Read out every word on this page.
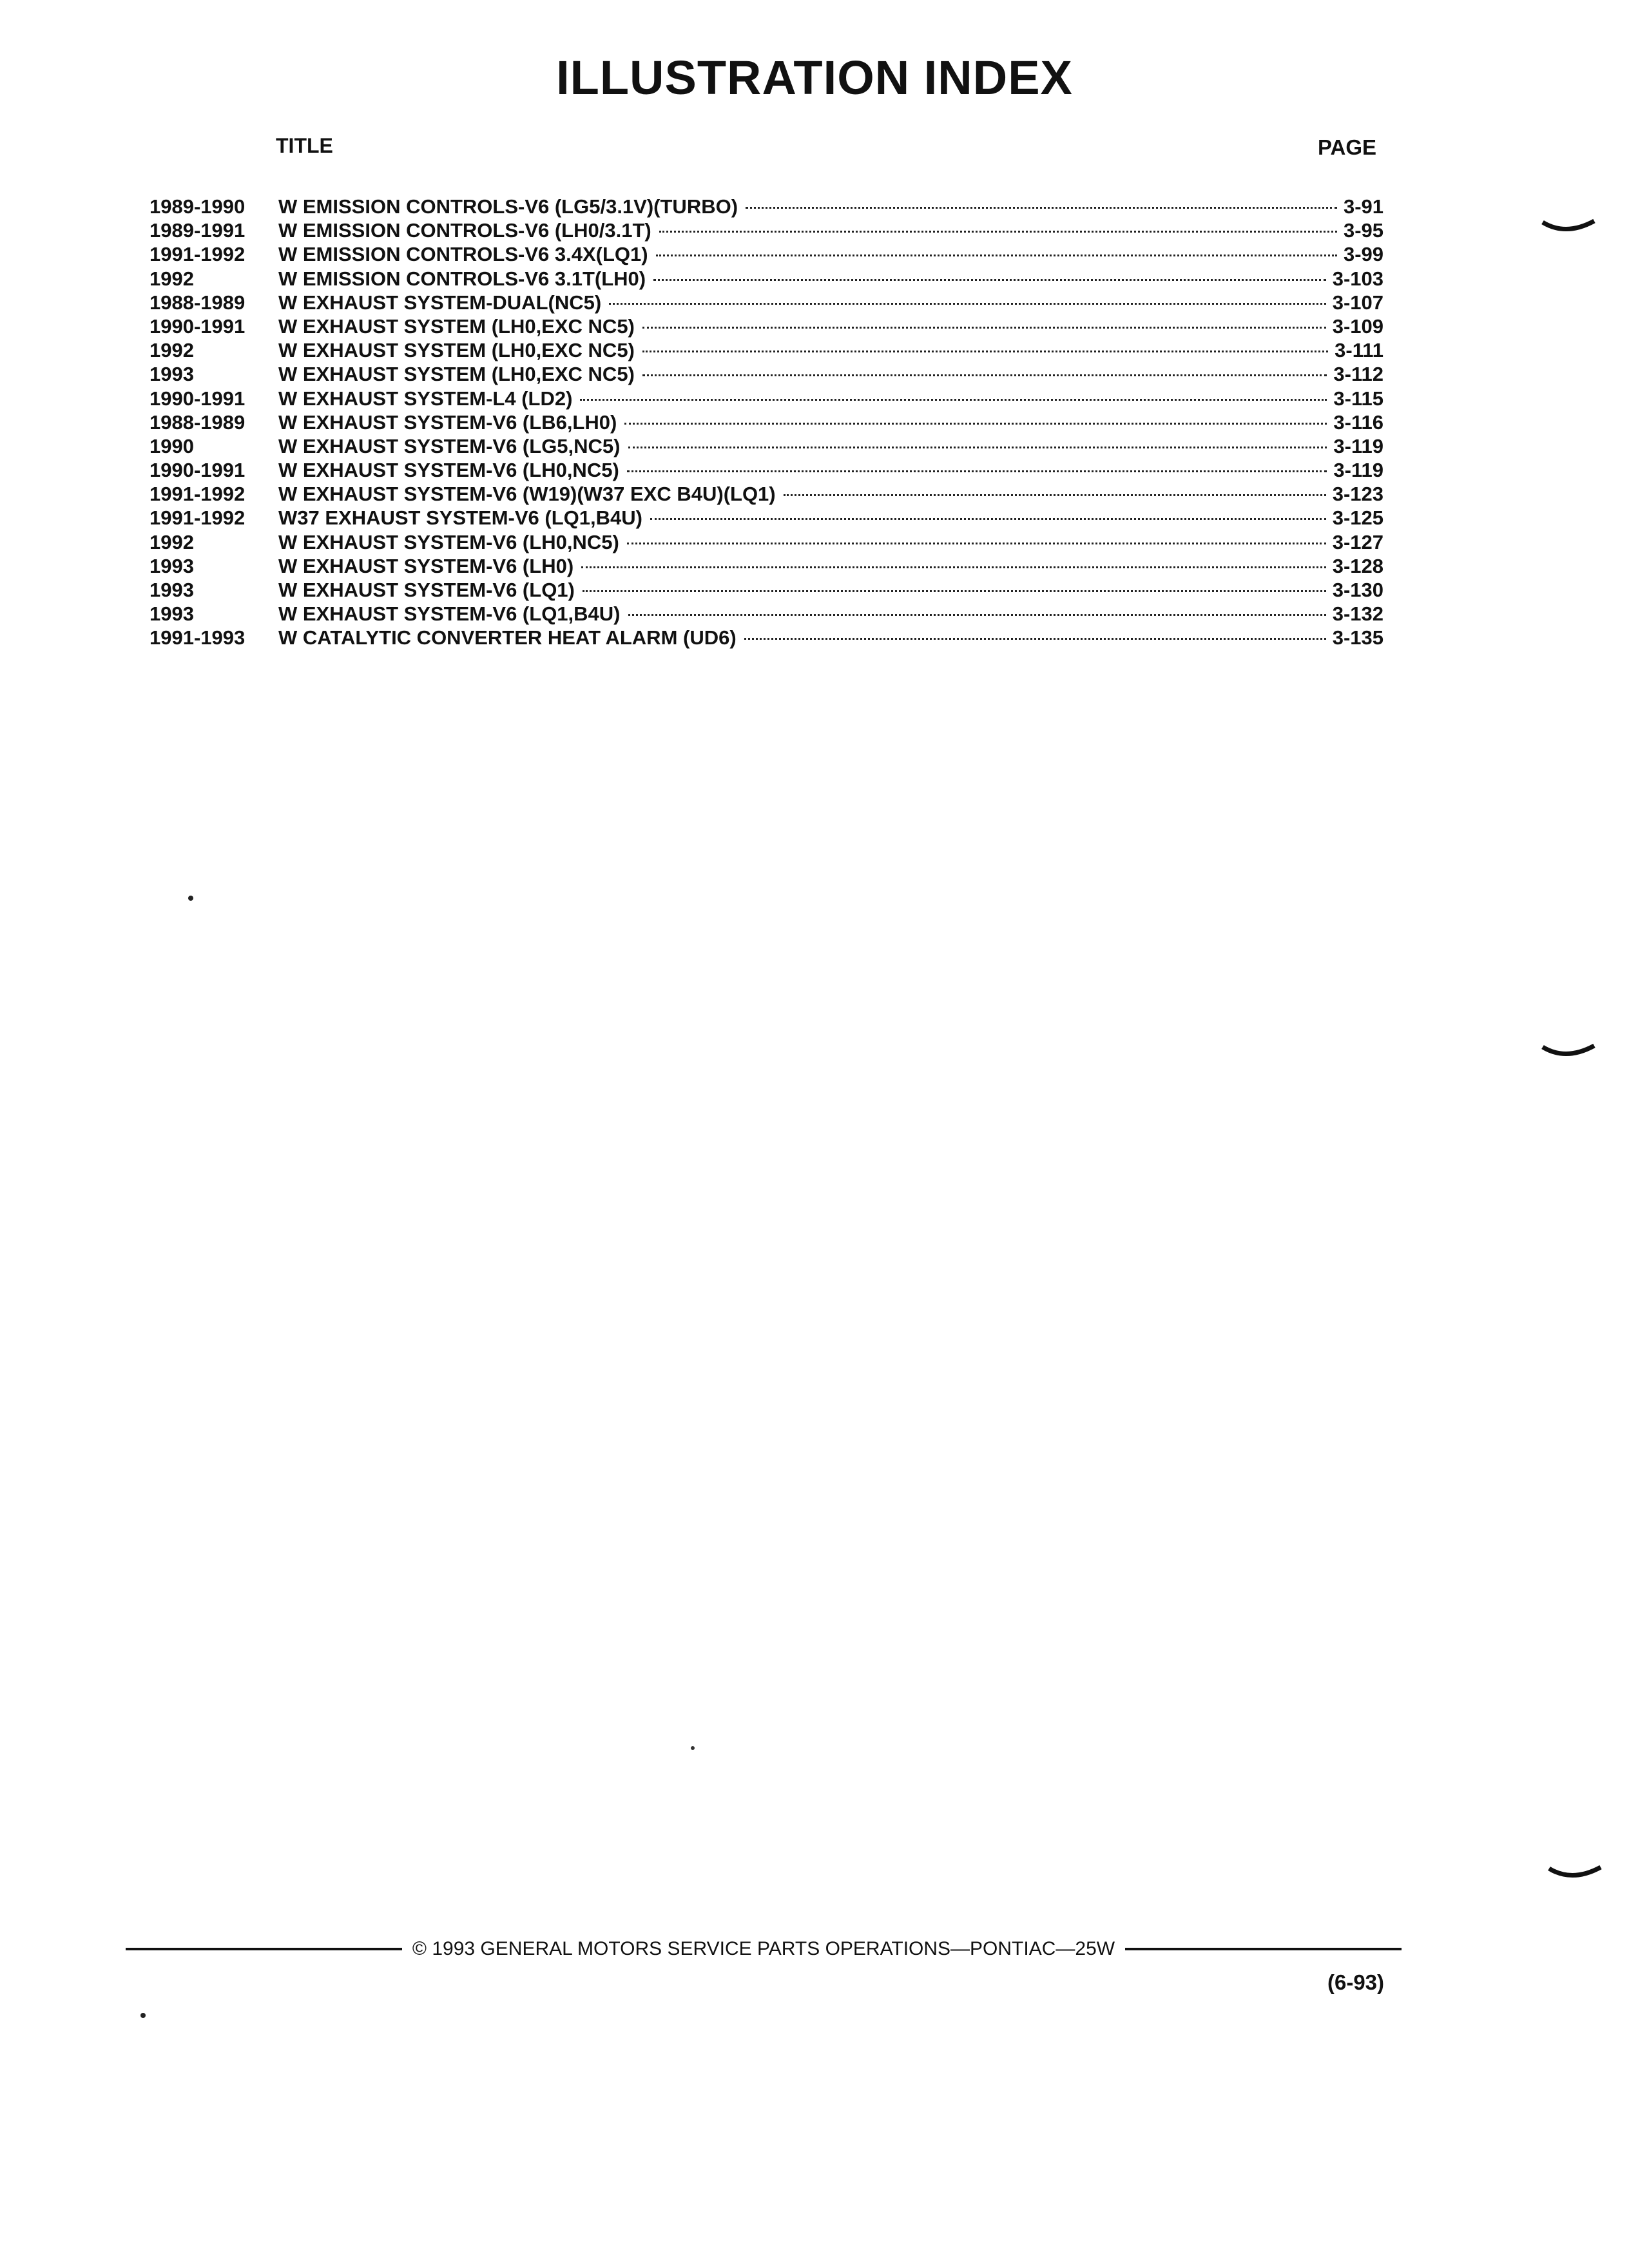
ILLUSTRATION INDEX
TITLE	PAGE
1989-1990	W EMISSION CONTROLS-V6 (LG5/3.1V)(TURBO)	3-91
1989-1991	W EMISSION CONTROLS-V6 (LH0/3.1T)	3-95
1991-1992	W EMISSION CONTROLS-V6 3.4X(LQ1)	3-99
1992	W EMISSION CONTROLS-V6 3.1T(LH0)	3-103
1988-1989	W EXHAUST SYSTEM-DUAL(NC5)	3-107
1990-1991	W EXHAUST SYSTEM (LH0,EXC NC5)	3-109
1992	W EXHAUST SYSTEM (LH0,EXC NC5)	3-111
1993	W EXHAUST SYSTEM (LH0,EXC NC5)	3-112
1990-1991	W EXHAUST SYSTEM-L4 (LD2)	3-115
1988-1989	W EXHAUST SYSTEM-V6 (LB6,LH0)	3-116
1990	W EXHAUST SYSTEM-V6 (LG5,NC5)	3-119
1990-1991	W EXHAUST SYSTEM-V6 (LH0,NC5)	3-119
1991-1992	W EXHAUST SYSTEM-V6 (W19)(W37 EXC B4U)(LQ1)	3-123
1991-1992	W37 EXHAUST SYSTEM-V6 (LQ1,B4U)	3-125
1992	W EXHAUST SYSTEM-V6 (LH0,NC5)	3-127
1993	W EXHAUST SYSTEM-V6 (LH0)	3-128
1993	W EXHAUST SYSTEM-V6 (LQ1)	3-130
1993	W EXHAUST SYSTEM-V6 (LQ1,B4U)	3-132
1991-1993	W CATALYTIC CONVERTER HEAT ALARM (UD6)	3-135
© 1993 GENERAL MOTORS SERVICE PARTS OPERATIONS—PONTIAC—25W
(6-93)
